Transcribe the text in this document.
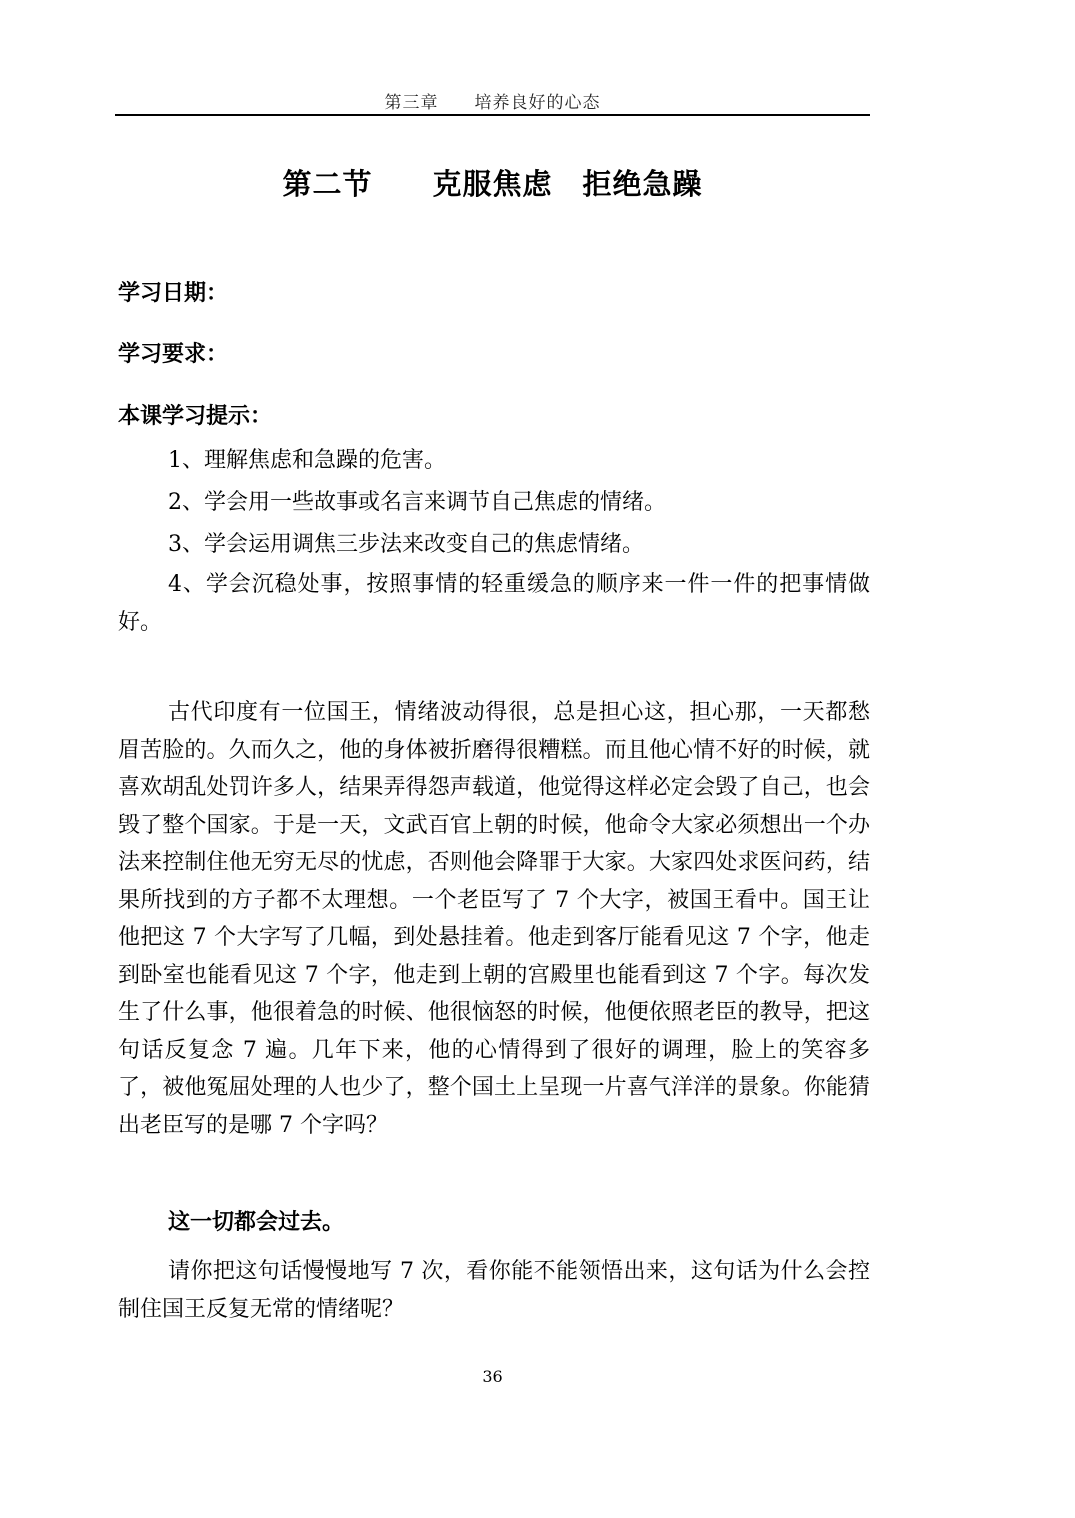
第三章　　培养良好的心态
第二节　　克服焦虑　拒绝急躁
学习日期：
学习要求：
本课学习提示：

1、理解焦虑和急躁的危害。

2、学会用一些故事或名言来调节自己焦虑的情绪。

3、学会运用调焦三步法来改变自己的焦虑情绪。

4、学会沉稳处事，按照事情的轻重缓急的顺序来一件一件的把事情做好。

古代印度有一位国王，情绪波动得很，总是担心这，担心那，一天都愁眉苦脸的。久而久之，他的身体被折磨得很糟糕。而且他心情不好的时候，就喜欢胡乱处罚许多人，结果弄得怨声载道，他觉得这样必定会毁了自己，也会毁了整个国家。于是一天，文武百官上朝的时候，他命令大家必须想出一个办法来控制住他无穷无尽的忧虑，否则他会降罪于大家。大家四处求医问药，结果所找到的方子都不太理想。一个老臣写了 7 个大字，被国王看中。国王让他把这 7 个大字写了几幅，到处悬挂着。他走到客厅能看见这 7 个字，他走到卧室也能看见这 7 个字，他走到上朝的宫殿里也能看到这 7 个字。每次发生了什么事，他很着急的时候、他很恼怒的时候，他便依照老臣的教导，把这句话反复念 7 遍。几年下来，他的心情得到了很好的调理，脸上的笑容多了，被他冤屈处理的人也少了，整个国土上呈现一片喜气洋洋的景象。你能猜出老臣写的是哪 7 个字吗？

这一切都会过去。

请你把这句话慢慢地写 7 次，看你能不能领悟出来，这句话为什么会控制住国王反复无常的情绪呢？

36
